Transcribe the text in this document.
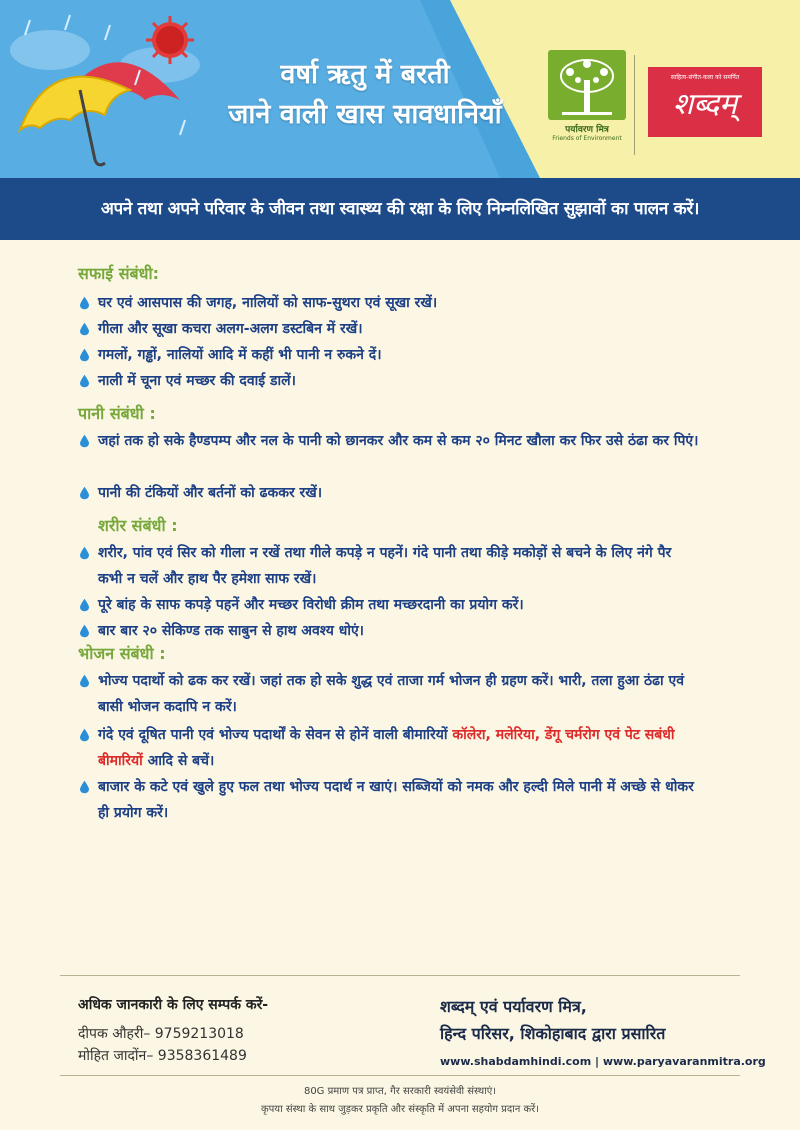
वर्षा ऋतु में बरती
जाने वाली खास सावधानियाँ	पर्यावरण मित्र
Friends of Environment
साहित्य-संगीत-कला को समर्पित
शब्दम्
अपने तथा अपने परिवार के जीवन तथा स्वास्थ्य की रक्षा के लिए निम्नलिखित सुझावों का पालन करें।
सफाई संबंधी:
घर एवं आसपास की जगह, नालियों को साफ-सुथरा एवं सूखा रखें।
गीला और सूखा कचरा अलग-अलग डस्टबिन में रखें।
गमलों, गड्ढों, नालियों आदि में कहीं भी पानी न रुकने दें।
नाली में चूना एवं मच्छर की दवाई डालें।
पानी संबंधी :
जहां तक हो सके हैण्डपम्प और नल के पानी को छानकर और कम से कम २० मिनट खौला कर फिर उसे ठंढा कर पिएं।
पानी की टंकियों और बर्तनों को ढककर रखें।
शरीर संबंधी :
शरीर, पांव एवं सिर को गीला न रखें तथा गीले कपड़े न पहनें। गंदे पानी तथा कीड़े मकोड़ों से बचने के लिए नंगे पैर कभी न चलें और हाथ पैर हमेशा साफ रखें।
पूरे बांह के साफ कपड़े पहनें और मच्छर विरोधी क्रीम तथा मच्छरदानी का प्रयोग करें।
बार बार २० सेकिण्ड तक साबुन से हाथ अवश्य धोएं।
भोजन संबंधी :
भोज्य पदार्थो को ढक कर रखें। जहां तक हो सके शुद्ध एवं ताजा गर्म भोजन ही ग्रहण करें। भारी, तला हुआ ठंढा एवं बासी भोजन कदापि न करें।
गंदे एवं दूषित पानी एवं भोज्य पदार्थों के सेवन से होनें वाली बीमारियों कॉलेरा, मलेरिया, डेंगू चर्मरोग एवं पेट सबंधी बीमारियों आदि से बचें।
बाजार के कटे एवं खुले हुए फल तथा भोज्य पदार्थ न खाएं। सब्जियों को नमक और हल्दी मिले पानी में अच्छे से धोकर ही प्रयोग करें।
अधिक जानकारी के लिए सम्पर्क करें-
दीपक औहरी– 9759213018
मोहित जादोंन– 9358361489
शब्दम् एवं पर्यावरण मित्र,
हिन्द परिसर, शिकोहाबाद द्वारा प्रसारित
www.shabdamhindi.com | www.paryavaranmitra.org
80G प्रमाण पत्र प्राप्त, गैर सरकारी स्वयंसेवी संस्थाएं।
कृपया संस्था के साथ जुड़कर प्रकृति और संस्कृति में अपना सहयोग प्रदान करें।
